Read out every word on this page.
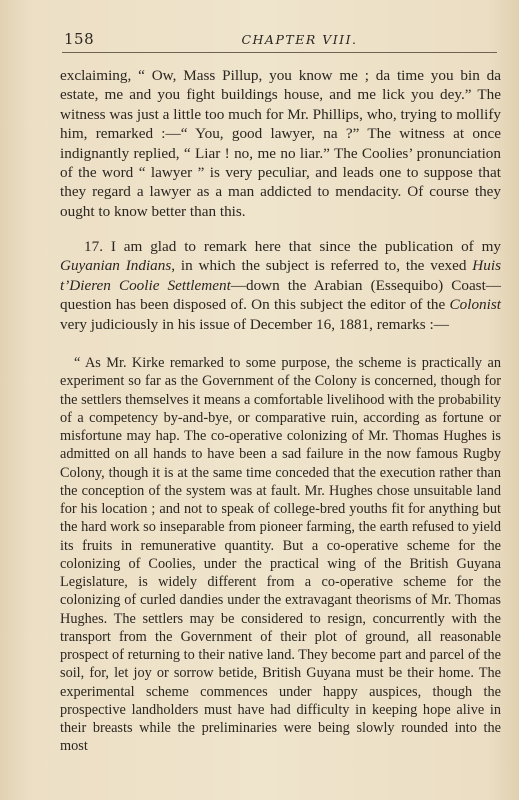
158	CHAPTER VIII.

exclaiming, “ Ow, Mass Pillup, you know me ; da time you bin da estate, me and you fight buildings house, and me lick you dey.” The witness was just a little too much for Mr. Phillips, who, trying to mollify him, remarked :—“ You, good lawyer, na ?” The witness at once indignantly replied, “ Liar ! no, me no liar.” The Coolies’ pronunciation of the word “ lawyer ” is very peculiar, and leads one to suppose that they regard a lawyer as a man addicted to mendacity. Of course they ought to know better than this.

17. I am glad to remark here that since the publication of my Guyanian Indians, in which the subject is referred to, the vexed Huis t’Dieren Coolie Settlement—down the Arabian (Essequibo) Coast—question has been disposed of. On this subject the editor of the Colonist very judiciously in his issue of December 16, 1881, remarks :—

“ As Mr. Kirke remarked to some purpose, the scheme is practically an experiment so far as the Government of the Colony is concerned, though for the settlers themselves it means a comfortable livelihood with the probability of a competency by-and-bye, or comparative ruin, according as fortune or misfortune may hap. The co-operative colonizing of Mr. Thomas Hughes is admitted on all hands to have been a sad failure in the now famous Rugby Colony, though it is at the same time conceded that the execution rather than the conception of the system was at fault. Mr. Hughes chose unsuitable land for his location ; and not to speak of college-bred youths fit for anything but the hard work so inseparable from pioneer farming, the earth refused to yield its fruits in remunerative quantity. But a co-operative scheme for the colonizing of Coolies, under the practical wing of the British Guyana Legislature, is widely different from a co-operative scheme for the colonizing of curled dandies under the extravagant theorisms of Mr. Thomas Hughes. The settlers may be considered to resign, concurrently with the transport from the Government of their plot of ground, all reasonable prospect of returning to their native land. They become part and parcel of the soil, for, let joy or sorrow betide, British Guyana must be their home. The experimental scheme commences under happy auspices, though the prospective landholders must have had difficulty in keeping hope alive in their breasts while the preliminaries were being slowly rounded into the most
